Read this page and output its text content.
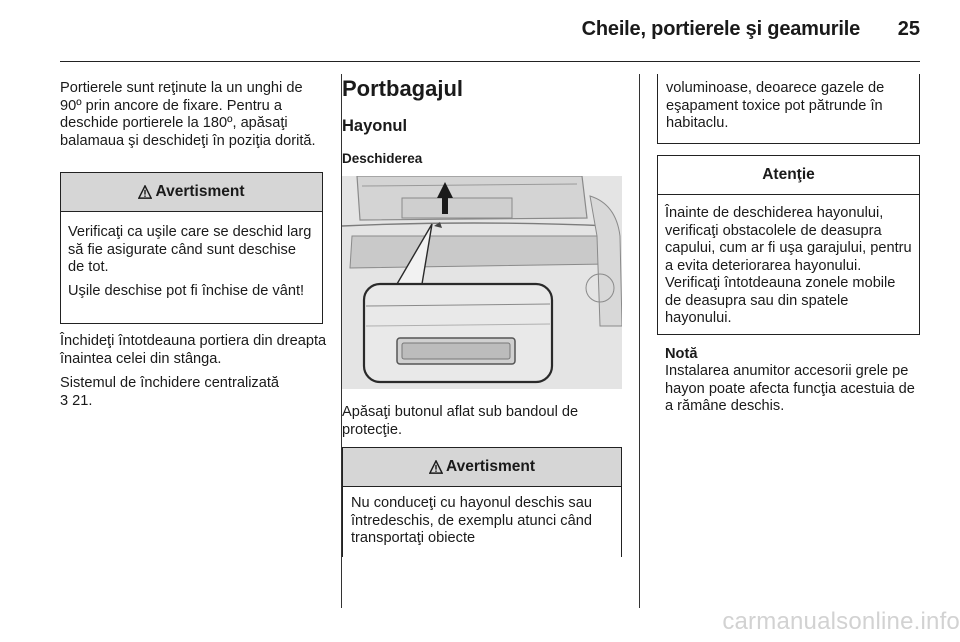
Cheile, portierele şi geamurile	25

Portierele sunt reţinute la un unghi de 90º prin ancore de fixare. Pentru a deschide portierele la 180º, apăsaţi balamaua şi deschideţi în poziţia dorită.

Avertisment

Verificaţi ca uşile care se deschid larg să fie asigurate când sunt deschise de tot.

Uşile deschise pot fi închise de vânt!

Închideţi întotdeauna portiera din dreapta înaintea celei din stânga.

Sistemul de închidere centralizată
3 21.

Portbagajul
Hayonul
Deschiderea

Apăsaţi butonul aflat sub bandoul de protecţie.

Avertisment

Nu conduceţi cu hayonul deschis sau întredeschis, de exemplu atunci când transportaţi obiecte

voluminoase, deoarece gazele de eşapament toxice pot pătrunde în habitaclu.

Atenţie

Înainte de deschiderea hayonului, verificaţi obstacolele de deasupra capului, cum ar fi uşa garajului, pentru a evita deteriorarea hayonului. Verificaţi întotdeauna zonele mobile de deasupra sau din spatele hayonului.

Notă

Instalarea anumitor accesorii grele pe hayon poate afecta funcţia acestuia de a rămâne deschis.

carmanualsonline.info
